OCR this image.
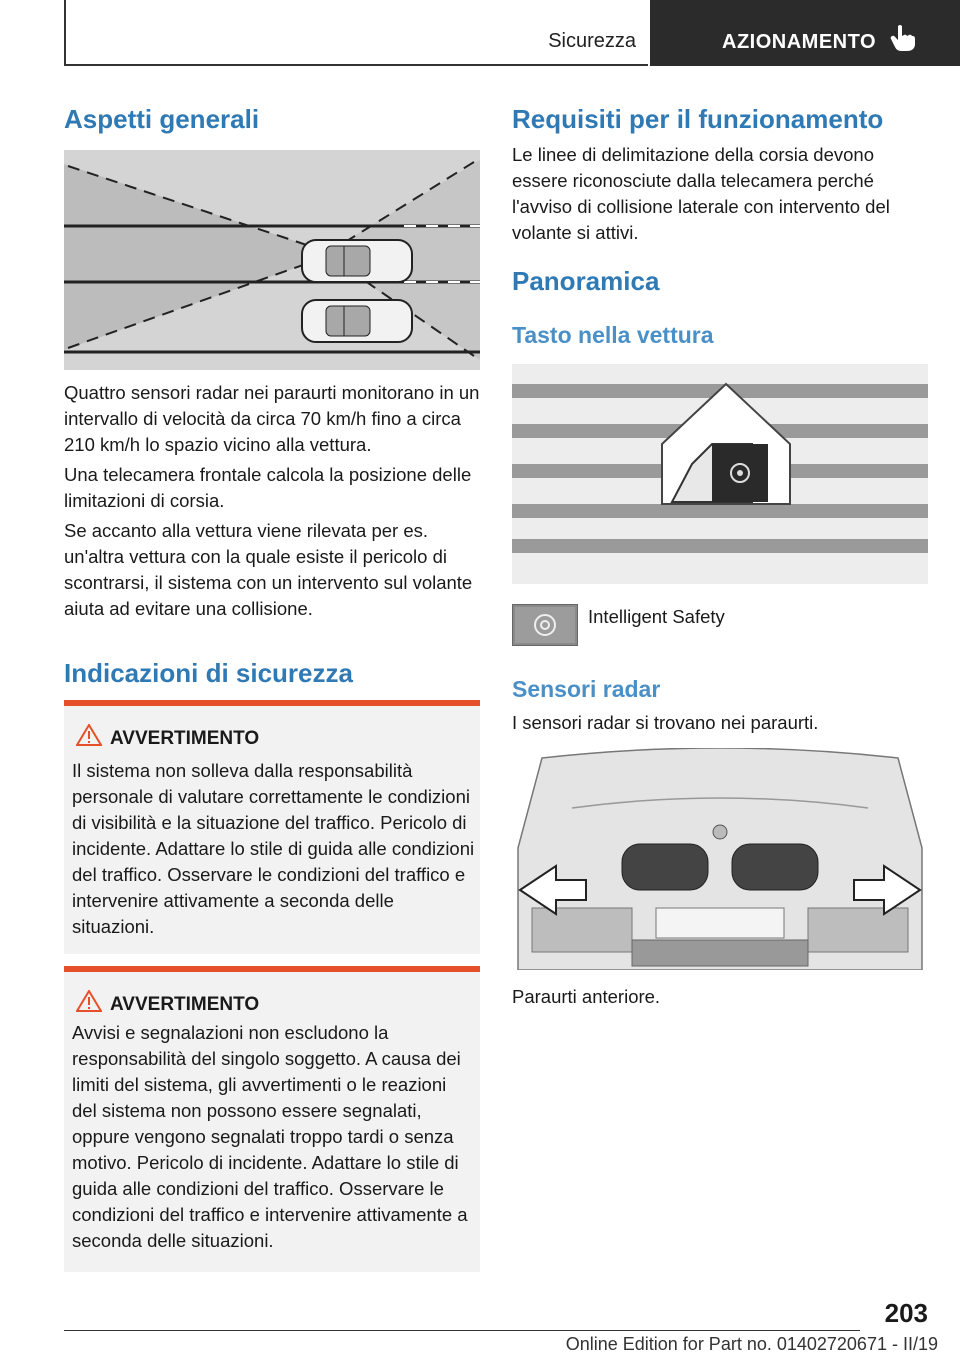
Sicurezza	AZIONAMENTO
Aspetti generali

Quattro sensori radar nei paraurti monitorano in un intervallo di velocità da circa 70 km/h fino a circa 210 km/h lo spazio vicino alla vettura.

Una telecamera frontale calcola la posizione delle limitazioni di corsia.

Se accanto alla vettura viene rilevata per es. un'altra vettura con la quale esiste il pericolo di scontrarsi, il sistema con un intervento sul volante aiuta ad evitare una collisione.

Indicazioni di sicurezza
AVVERTIMENTO

Il sistema non solleva dalla responsabilità personale di valutare correttamente le condizioni di visibilità e la situazione del traffico. Pericolo di incidente. Adattare lo stile di guida alle condizioni del traffico. Osservare le condizioni del traffico e intervenire attivamente a seconda delle situazioni.

AVVERTIMENTO

Avvisi e segnalazioni non escludono la responsabilità del singolo soggetto. A causa dei limiti del sistema, gli avvertimenti o le reazioni del sistema non possono essere segnalati, oppure vengono segnalati troppo tardi o senza motivo. Pericolo di incidente. Adattare lo stile di guida alle condizioni del traffico. Osservare le condizioni del traffico e intervenire attivamente a seconda delle situazioni.

Requisiti per il funzionamento

Le linee di delimitazione della corsia devono essere riconosciute dalla telecamera perché l'avviso di collisione laterale con intervento del volante si attivi.

Panoramica
Tasto nella vettura

Intelligent Safety

Sensori radar

I sensori radar si trovano nei paraurti.

Paraurti anteriore.

203
Online Edition for Part no. 01402720671 - II/19
